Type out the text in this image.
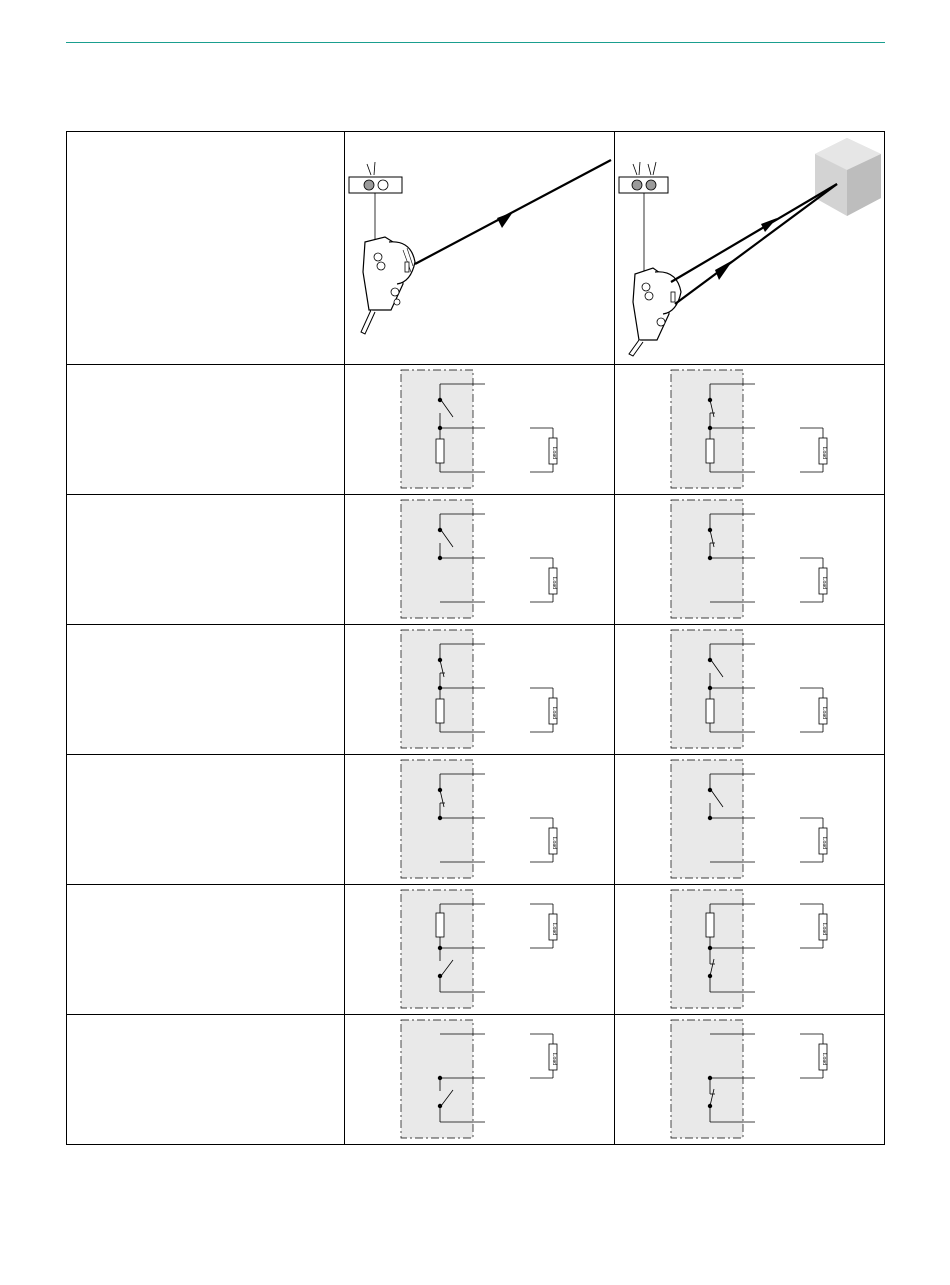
Load	Load

Load	Load

Load	Load

Load	Load

Load	Load

Load	Load
